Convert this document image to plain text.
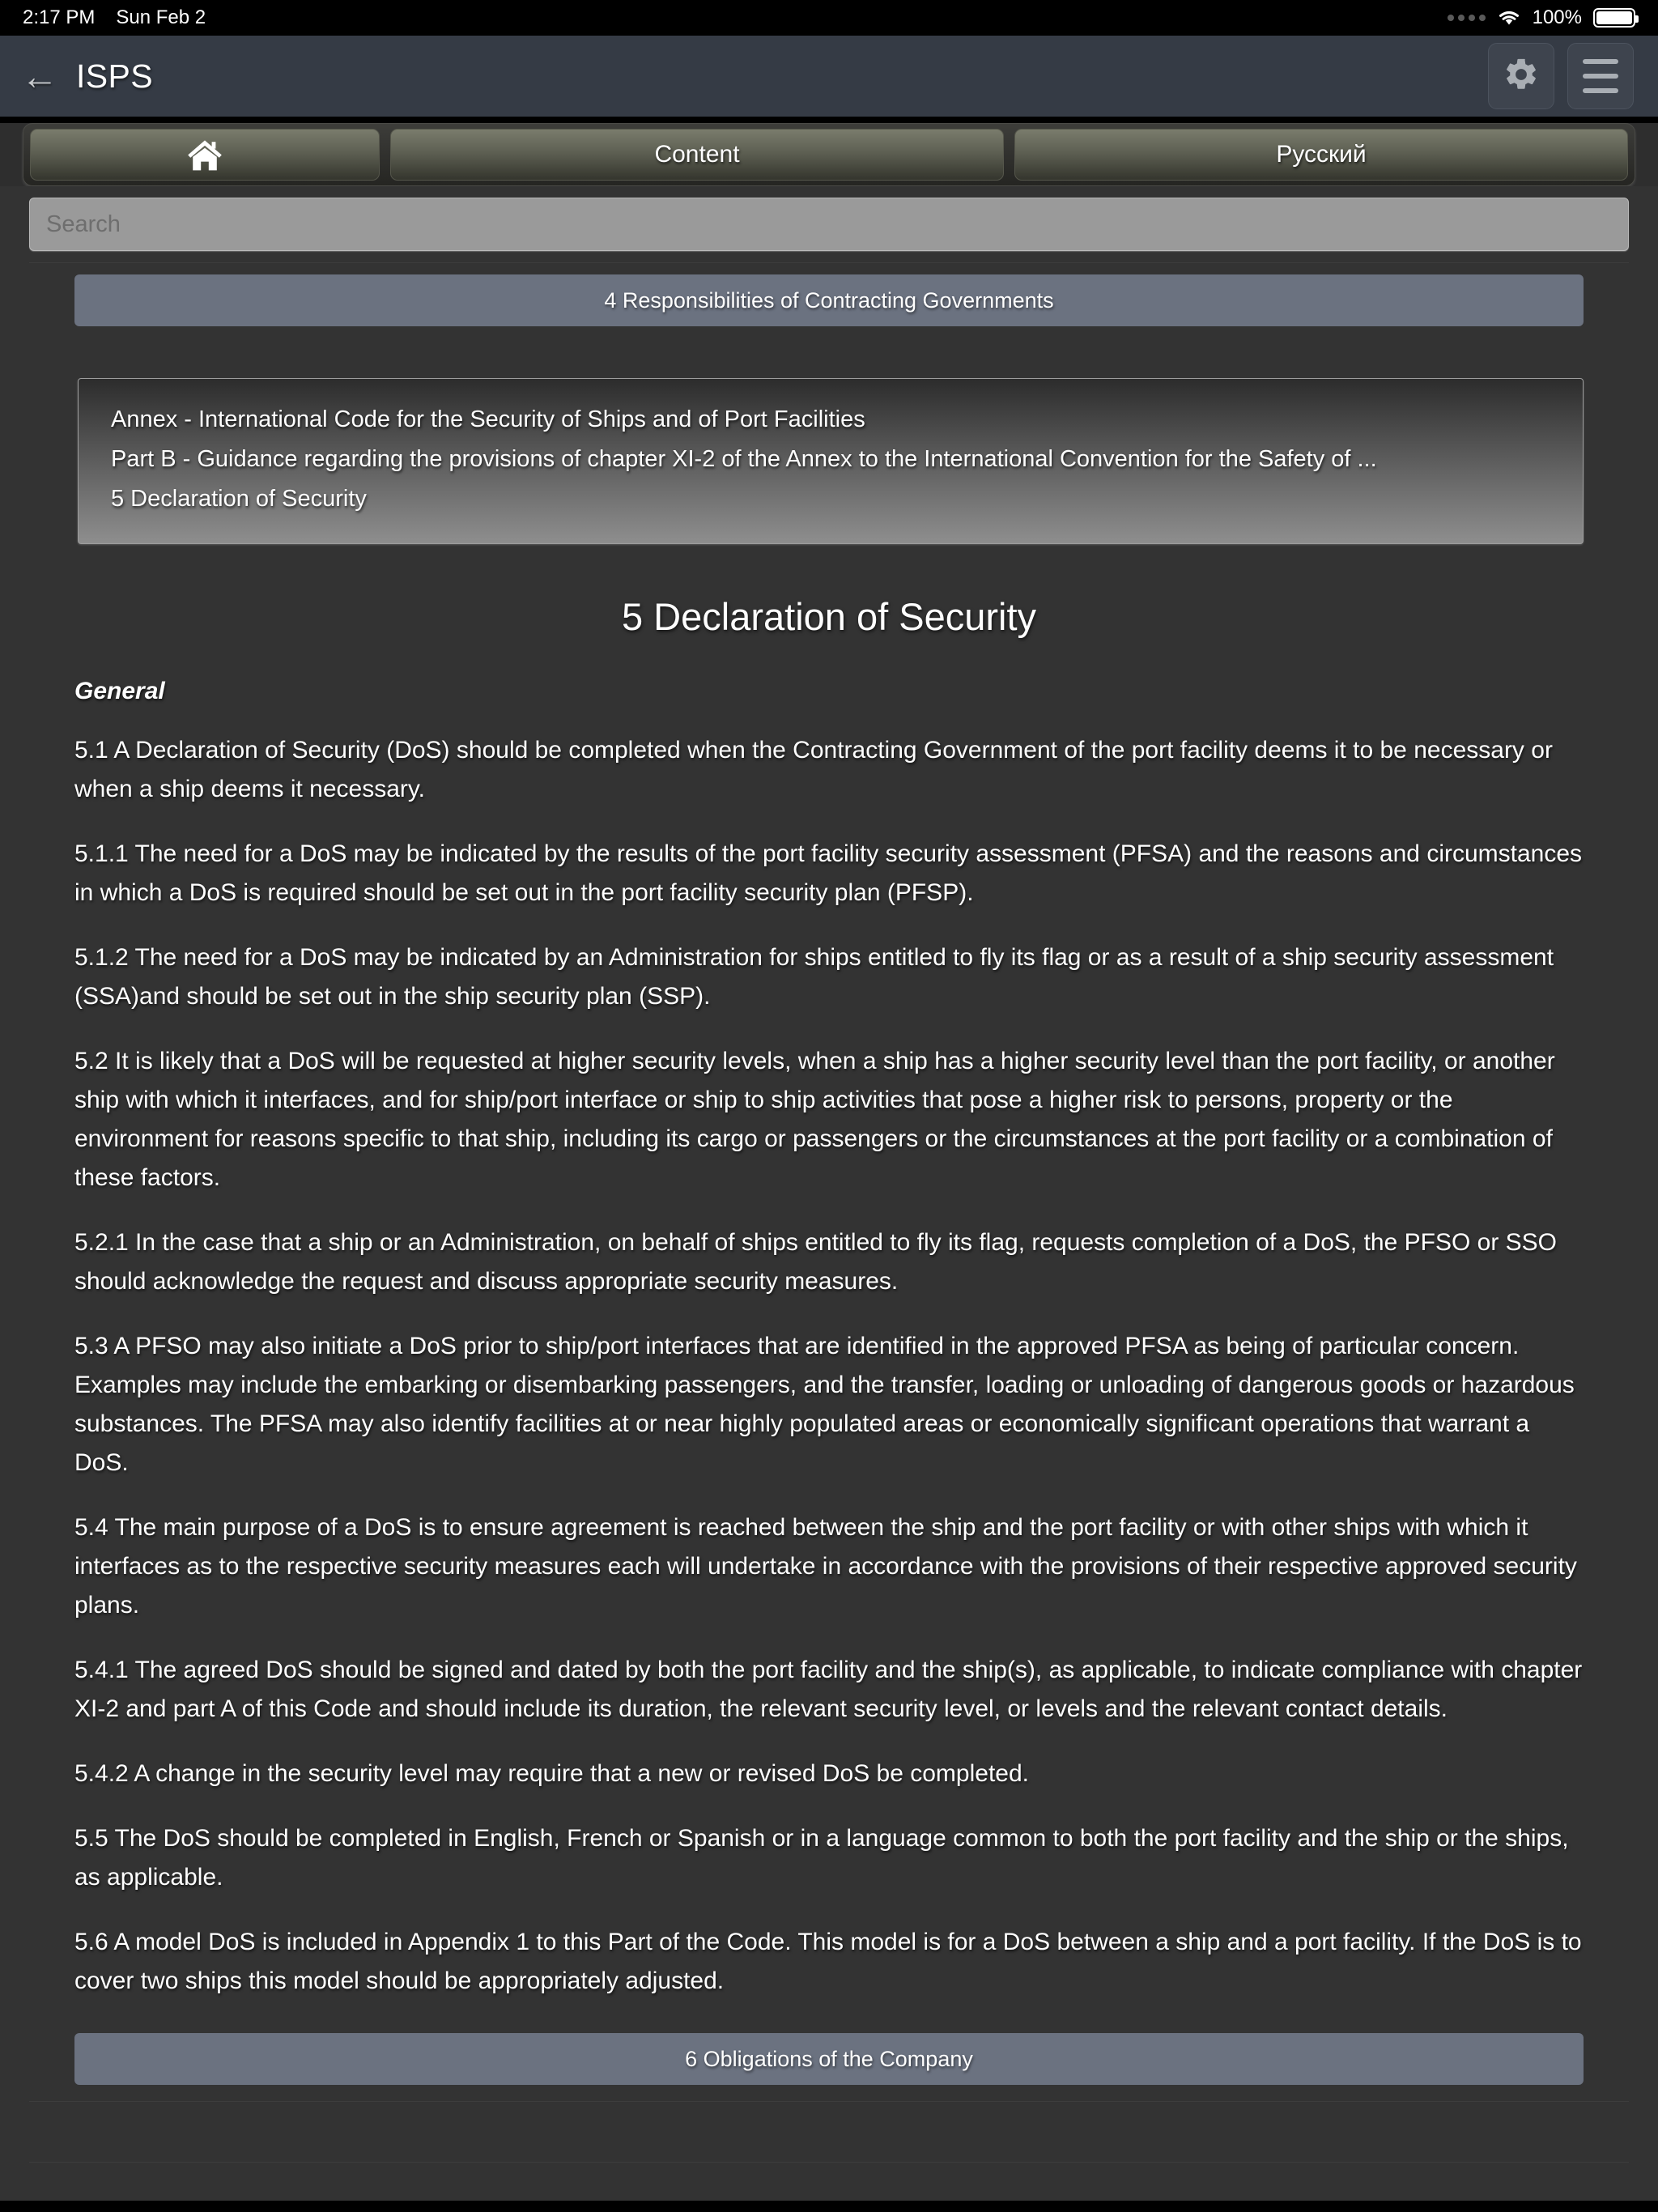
2:17 PM Sun Feb 2	100%
← ISPS
Content	Русский
Search
4 Responsibilities of Contracting Governments
Annex - International Code for the Security of Ships and of Port Facilities
Part B - Guidance regarding the provisions of chapter XI-2 of the Annex to the International Convention for the Safety of ...
5 Declaration of Security
5 Declaration of Security
General

5.1 A Declaration of Security (DoS) should be completed when the Contracting Government of the port facility deems it to be necessary or when a ship deems it necessary.

5.1.1 The need for a DoS may be indicated by the results of the port facility security assessment (PFSA) and the reasons and circumstances in which a DoS is required should be set out in the port facility security plan (PFSP).

5.1.2 The need for a DoS may be indicated by an Administration for ships entitled to fly its flag or as a result of a ship security assessment (SSA)and should be set out in the ship security plan (SSP).

5.2 It is likely that a DoS will be requested at higher security levels, when a ship has a higher security level than the port facility, or another ship with which it interfaces, and for ship/port interface or ship to ship activities that pose a higher risk to persons, property or the environment for reasons specific to that ship, including its cargo or passengers or the circumstances at the port facility or a combination of these factors.

5.2.1 In the case that a ship or an Administration, on behalf of ships entitled to fly its flag, requests completion of a DoS, the PFSO or SSO should acknowledge the request and discuss appropriate security measures.

5.3 A PFSO may also initiate a DoS prior to ship/port interfaces that are identified in the approved PFSA as being of particular concern. Examples may include the embarking or disembarking passengers, and the transfer, loading or unloading of dangerous goods or hazardous substances. The PFSA may also identify facilities at or near highly populated areas or economically significant operations that warrant a DoS.

5.4 The main purpose of a DoS is to ensure agreement is reached between the ship and the port facility or with other ships with which it interfaces as to the respective security measures each will undertake in accordance with the provisions of their respective approved security plans.

5.4.1 The agreed DoS should be signed and dated by both the port facility and the ship(s), as applicable, to indicate compliance with chapter XI-2 and part A of this Code and should include its duration, the relevant security level, or levels and the relevant contact details.

5.4.2 A change in the security level may require that a new or revised DoS be completed.

5.5 The DoS should be completed in English, French or Spanish or in a language common to both the port facility and the ship or the ships, as applicable.

5.6 A model DoS is included in Appendix 1 to this Part of the Code. This model is for a DoS between a ship and a port facility. If the DoS is to cover two ships this model should be appropriately adjusted.

6 Obligations of the Company
